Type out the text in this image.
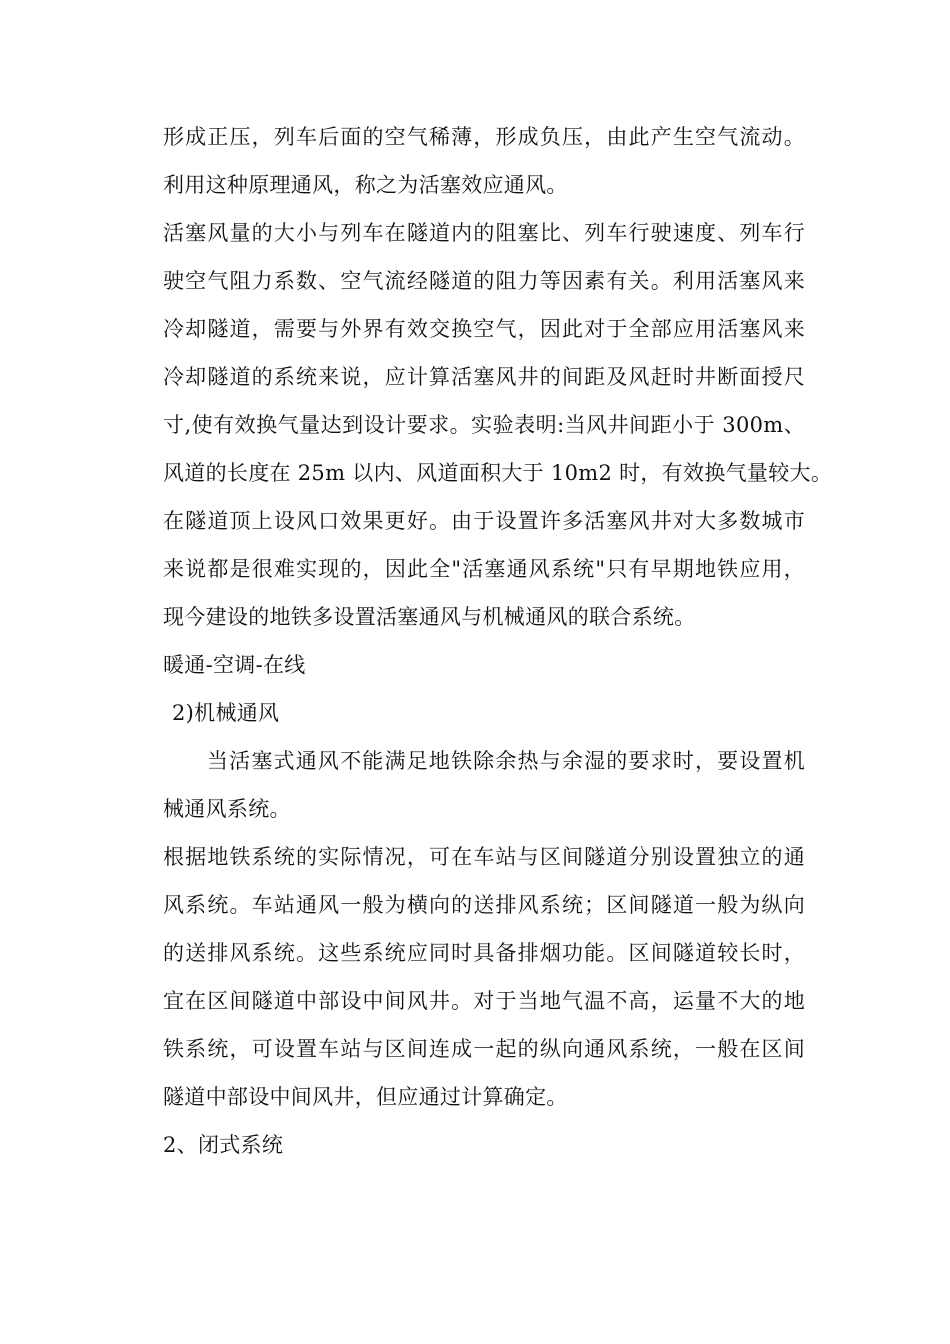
形成正压，列车后面的空气稀薄，形成负压，由此产生空气流动。
利用这种原理通风，称之为活塞效应通风。
活塞风量的大小与列车在隧道内的阻塞比、列车行驶速度、列车行
驶空气阻力系数、空气流经隧道的阻力等因素有关。利用活塞风来
冷却隧道，需要与外界有效交换空气，因此对于全部应用活塞风来
冷却隧道的系统来说，应计算活塞风井的间距及风赶时井断面授尺
寸,使有效换气量达到设计要求。实验表明:当风井间距小于 300m、
风道的长度在 25m 以内、风道面积大于 10m2 时，有效换气量较大。
在隧道顶上设风口效果更好。由于设置许多活塞风井对大多数城市
来说都是很难实现的，因此全"活塞通风系统"只有早期地铁应用，
现今建设的地铁多设置活塞通风与机械通风的联合系统。
暖通-空调-在线
2)机械通风
当活塞式通风不能满足地铁除余热与余湿的要求时，要设置机
械通风系统。
根据地铁系统的实际情况，可在车站与区间隧道分别设置独立的通
风系统。车站通风一般为横向的送排风系统；区间隧道一般为纵向
的送排风系统。这些系统应同时具备排烟功能。区间隧道较长时，
宜在区间隧道中部设中间风井。对于当地气温不高，运量不大的地
铁系统，可设置车站与区间连成一起的纵向通风系统，一般在区间
隧道中部设中间风井，但应通过计算确定。
2、闭式系统
